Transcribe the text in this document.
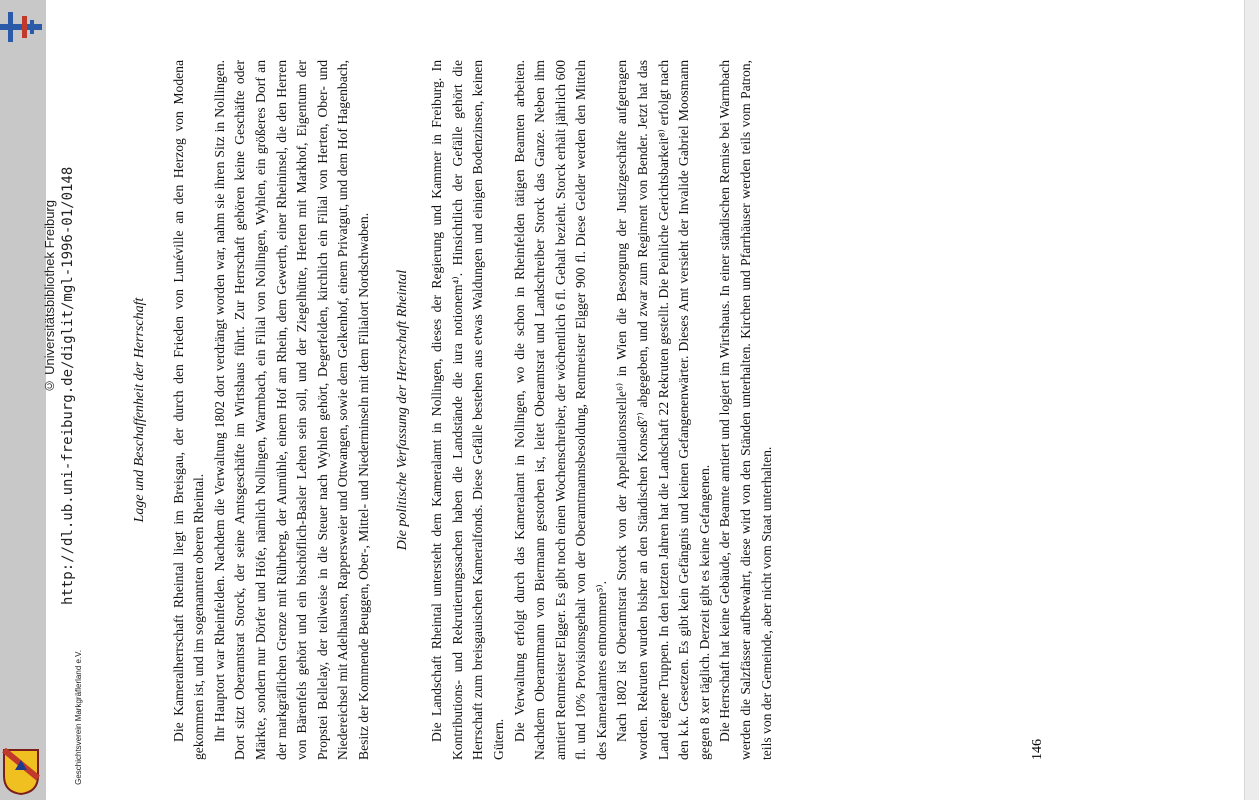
http://dl.ub.uni-freiburg.de/diglit/mgl-1996-01/0148
© Universitätsbibliothek Freiburg
Geschichtsverein Markgräflerland e.V.
Lage und Beschaffenheit der Herrschaft Die Kameralherrschaft Rheintal liegt im Breisgau, der durch den Frieden von Lunéville an den Herzog von Modena gekommen ist, und im sogenannten oberen Rheintal. Ihr Hauptort war Rheinfelden. Nachdem die Verwaltung 1802 dort verdrängt worden war, nahm sie ihren Sitz in Nollingen. Dort sitzt Oberamtsrat Storck, der seine Amtsgeschäfte im Wirtshaus führt. Zur Herrschaft gehören keine Geschäfte oder Märkte, sondern nur Dörfer und Höfe, nämlich Nollingen, Warmbach, ein Filial von Nollingen, Wyhlen, ein größeres Dorf an der markgräflichen Grenze mit Rührberg, der Aumühle, einem Hof am Rhein, dem Gewerth, einer Rheininsel, die den Herren von Bärenfels gehört und ein bischöflich-Basler Lehen sein soll, und der Ziegelhütte, Herten mit Markhof, Eigentum der Propstei Bellelay, der teilweise in die Steuer nach Wyhlen gehört, Degerfelden, kirchlich ein Filial von Herten, Ober- und Niedereichsel mit Adelhausen, Rappersweier und Ottwangen, sowie dem Gelkenhof, einem Privatgut, und dem Hof Hagenbach, Besitz der Kommende Beuggen, Ober-, Mittel- und Niederminseln mit dem Filialort Nordschwaben. Die politische Verfassung der Herrschaft Rheintal Die Landschaft Rheintal untersteht dem Kameralamt in Nollingen, dieses der Regierung und Kammer in Freiburg. In Kontributions- und Rekrutierungssachen haben die Landstände die iura notionem⁴⁾. Hinsichtlich der Gefälle gehört die Herrschaft zum breisgauischen Kameralfonds. Diese Gefälle bestehen aus etwas Waldungen und einigen Bodenzinsen, keinen Gütern. Die Verwaltung erfolgt durch das Kameralamt in Nollingen, wo die schon in Rheinfelden tätigen Beamten arbeiten. Nachdem Oberamtmann von Biermann gestorben ist, leitet Oberamtsrat und Landschreiber Storck das Ganze. Neben ihm amtiert Rentmeister Elgger. Es gibt noch einen Wochenschreiber, der wöchentlich 6 fl. Gehalt bezieht. Storck erhält jährlich 600 fl. und 10% Provisionsgehalt von der Oberamtmannsbesoldung, Rentmeister Elgger 900 fl. Diese Gelder werden den Mitteln des Kameralamtes entnommen⁵⁾. Nach 1802 ist Oberamtsrat Storck von der Appellationsstelle⁶⁾ in Wien die Besorgung der Justizgeschäfte aufgetragen worden. Rekruten wurden bisher an den Ständischen Konseß⁷⁾ abgegeben, und zwar zum Regiment von Bender. Jetzt hat das Land eigene Truppen. In den letzten Jahren hat die Landschaft 22 Rekruten gestellt. Die Peinliche Gerichtsbarkeit⁸⁾ erfolgt nach den k.k. Gesetzen. Es gibt kein Gefängnis und keinen Gefangenenwärter. Dieses Amt versieht der Invalide Gabriel Moosmann gegen 8 xer täglich. Derzeit gibt es keine Gefangenen. Die Herrschaft hat keine Gebäude, der Beamte amtiert und logiert im Wirtshaus. In einer ständischen Remise bei Warmbach werden die Salzfässer aufbewahrt, diese wird von den Ständen unterhalten. Kirchen und Pfarrhäuser werden teils vom Patron, teils von der Gemeinde, aber nicht vom Staat unterhalten.	146
